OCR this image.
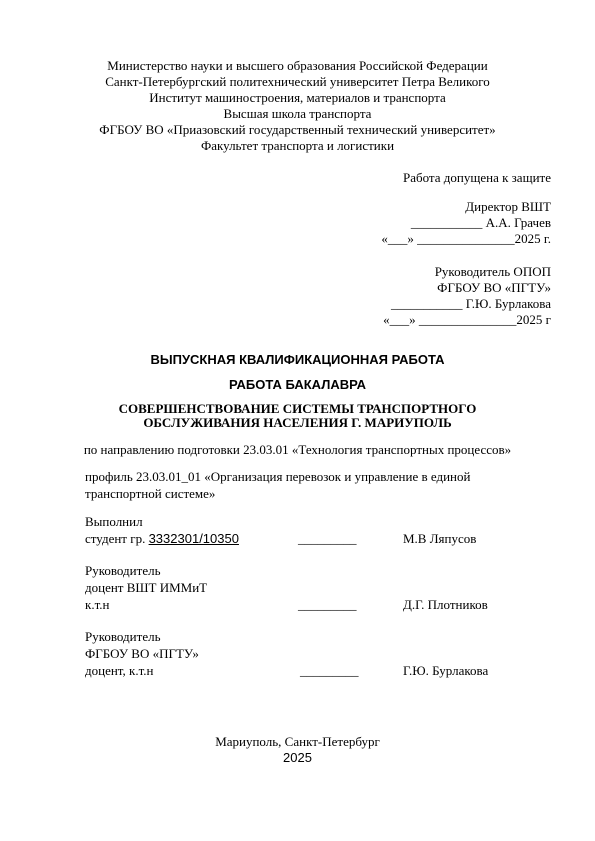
Министерство науки и высшего образования Российской Федерации
Санкт-Петербургский политехнический университет Петра Великого
Институт машиностроения, материалов и транспорта
Высшая школа транспорта
ФГБОУ ВО «Приазовский государственный технический университет»
Факультет транспорта и логистики
Работа допущена к защите
Директор ВШТ
___________ А.А. Грачев
«___» _______________2025 г.
Руководитель ОПОП
ФГБОУ ВО «ПГТУ»
___________ Г.Ю. Бурлакова
«___» _______________2025 г
ВЫПУСКНАЯ КВАЛИФИКАЦИОННАЯ РАБОТА
РАБОТА БАКАЛАВРА
СОВЕРШЕНСТВОВАНИЕ СИСТЕМЫ ТРАНСПОРТНОГО
ОБСЛУЖИВАНИЯ НАСЕЛЕНИЯ Г. МАРИУПОЛЬ
по направлению подготовки 23.03.01 «Технология транспортных процессов»
профиль 23.03.01_01 «Организация перевозок и управление в единой
транспортной системе»
Выполнил
студент гр. 3332301/10350	_________	М.В Ляпусов
Руководитель
доцент ВШТ ИММиТ
к.т.н	_________	Д.Г. Плотников
Руководитель
ФГБОУ ВО «ПГТУ»
доцент, к.т.н	_________	Г.Ю. Бурлакова
Мариуполь, Санкт-Петербург
2025
